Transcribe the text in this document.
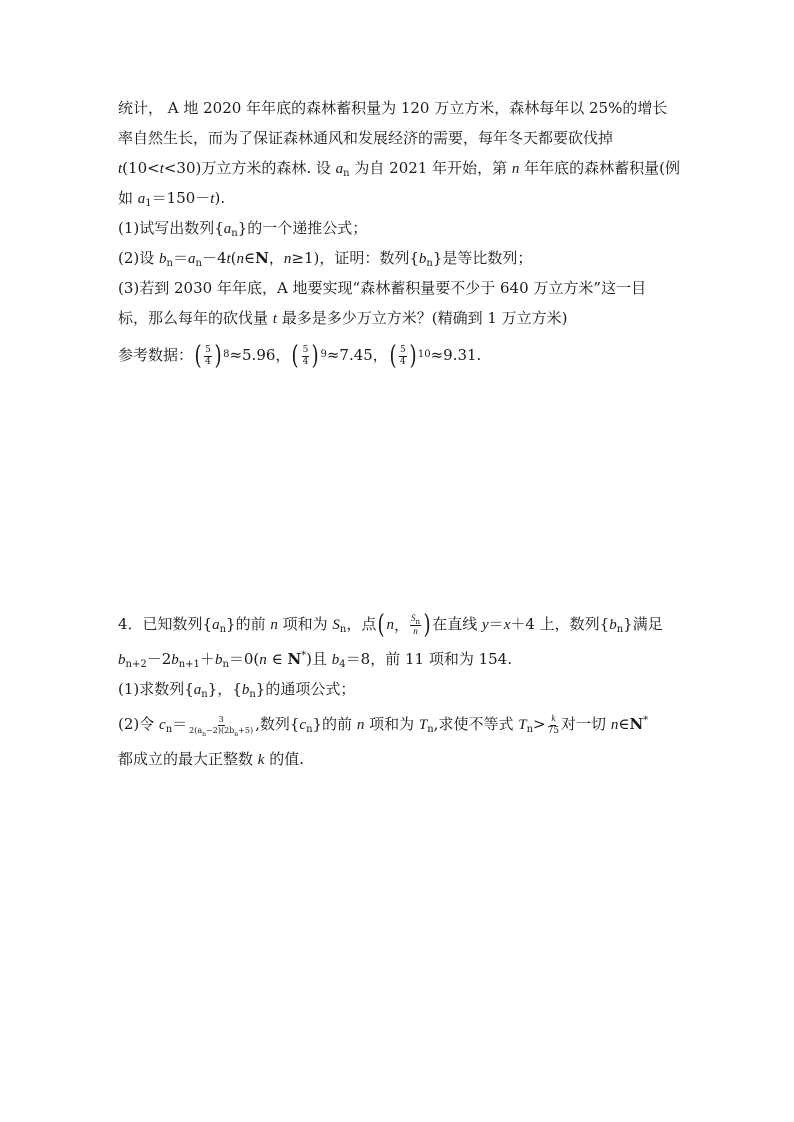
统计， A 地 2020 年年底的森林蓄积量为 120 万立方米，森林每年以 25%的增长
率自然生长，而为了保证森林通风和发展经济的需要，每年冬天都要砍伐掉
t(10<t<30)万立方米的森林. 设 $a_n$ 为自 2021 年开始，第 n 年年底的森林蓄积量(例
如 $a_1=150-t$).
(1)试写出数列$\{a_n\}$的一个递推公式；
(2)设 $b_n=a_n-4t(n\in N$，n≥1)，证明：数列$\{b_n\}$是等比数列；
(3)若到 2030 年年底，A 地要实现“森林蓄积量要不少于 640 万立方米”这一目
标，那么每年的砍伐量 t 最多是多少万立方米？(精确到 1 万立方米)
参考数据： ( $\frac{5}{4}$ ) 8 ≈5.96， ( $\frac{5}{4}$ ) 9 ≈7.45， ( $\frac{5}{4}$ ) 10 ≈9.31.
4．已知数列$\{a_n\}$的前 n 项和为 $S_n$，点 ( n ， $\frac{S_n}{n}$ ) 在直线 y＝x＋4 上，数列$\{b_n\}$满足
$b_{n+2}-2b_{n+1}+b_n=0(n$ ∈ N*)且 $b_4=8$，前 11 项和为 154.
(1)求数列$\{a_n\}$，$\{b_n\}$的通项公式；
(2)令 $c_n= \frac{3}{2(a_n-2)(2b_n+5)}$ ,数列$\{c_n\}$的前 n 项和为 $T_n$,求使不等式 $T_n> \frac{k}{75}$ 对一切 n∈N*
都成立的最大正整数 k 的值.
